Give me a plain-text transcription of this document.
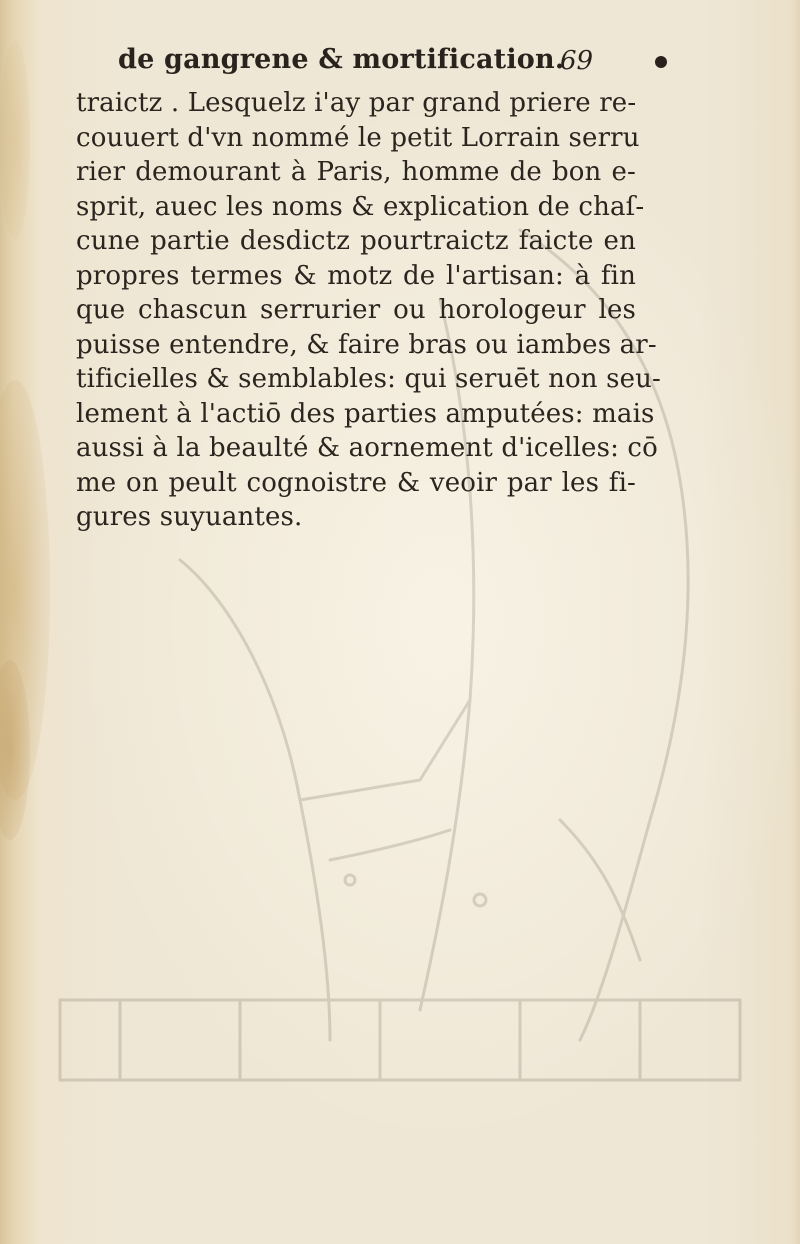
de gangrene & mortification.
69
traictz . Lesquelz i'ay par grand priere re-
couuert d'vn nommé le petit Lorrain serru
rier demourant à Paris, homme de bon e-
sprit, auec les noms & explication de chaſ-
cune partie desdictz pourtraictz faicte en
propres termes & motz de l'artisan: à fin
que chascun serrurier ou horologeur les
puisse entendre, & faire bras ou iambes ar-
tificielles & semblables: qui seruēt non seu-
lement à l'actiō des parties amputées: mais
aussi à la beaulté & aornement d'icelles: cō
me on peult cognoistre & veoir par les fi-
gures suyuantes.
